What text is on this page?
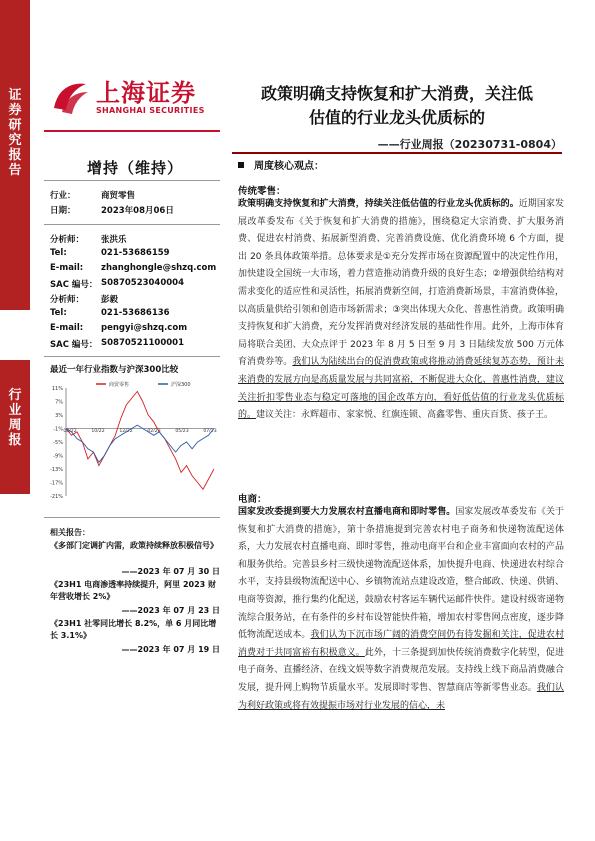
证券研究报告
行业周报
上海证券
SHANGHAI SECURITIES
政策明确支持恢复和扩大消费，关注低
估值的行业龙头优质标的
——行业周报（20230731-0804）
增持（维持）
行业：	商贸零售
日期：	2023年08月06日
分析师： 张洪乐
Tel:	021-53686159
E-mail: zhanghongle@shzq.com
SAC 编号： S0870523040004
分析师： 彭毅
Tel:	021-53686136
E-mail: pengyi@shzq.com
SAC 编号： S0870521100001
最近一年行业指数与沪深300比较
11%
7%
3%
-1%
-5%
-9%
-13%
-17%
-21%
08/22	10/22	12/22	02/23	05/23	07/23
商贸零售	沪深300
相关报告：
《多部门定调扩内需，政策持续释放积极信号》
——2023 年 07 月 30 日
《23H1 电商渗透率持续提升，阿里 2023 财年营收增长 2%》
——2023 年 07 月 23 日
《23H1 社零同比增长 8.2%，单 6 月同比增长 3.1%》
——2023 年 07 月 19 日
周度核心观点：
传统零售：
政策明确支持恢复和扩大消费，持续关注低估值的行业龙头优质标的。近期国家发展改革委发布《关于恢复和扩大消费的措施》，围绕稳定大宗消费、扩大服务消费、促进农村消费、拓展新型消费、完善消费设施、优化消费环境 6 个方面，提出 20 条具体政策举措。总体要求是①充分发挥市场在资源配置中的决定性作用，加快建设全国统一大市场，着力营造推动消费升级的良好生态；②增强供给结构对需求变化的适应性和灵活性，拓展消费新空间，打造消费新场景，丰富消费体验，以高质量供给引领和创造市场新需求；③突出体现大众化、普惠性消费。政策明确支持恢复和扩大消费，充分发挥消费对经济发展的基础性作用。此外，上海市体育局将联合美团、大众点评于 2023 年 8 月 5 日至 9 月 3 日陆续发放 500 万元体育消费券等。我们认为陆续出台的促消费政策或将推动消费延续复苏态势，预计未来消费的发展方向是高质量发展与共同富裕，不断促进大众化、普惠性消费，建议关注折扣零售业态与稳定可落地的国企改革方向，看好低估值的行业龙头优质标的。建议关注：永辉超市、家家悦、红旗连锁、高鑫零售、重庆百货、孩子王。
电商：
国家发改委提到要大力发展农村直播电商和即时零售。国家发展改革委发布《关于恢复和扩大消费的措施》，第十条措施提到完善农村电子商务和快递物流配送体系，大力发展农村直播电商、即时零售，推动电商平台和企业丰富面向农村的产品和服务供给。完善县乡村三级快递物流配送体系，加快提升电商、快递进农村综合水平，支持县级物流配送中心、乡镇物流站点建设改造，整合邮政、快递、供销、电商等资源，推行集约化配送，鼓励农村客运车辆代运邮件快件。建设村级寄递物流综合服务站，在有条件的乡村布设智能快件箱，增加农村零售网点密度，逐步降低物流配送成本。我们认为下沉市场广阔的消费空间仍有待发掘和关注，促进农村消费对于共同富裕有积极意义。此外，十三条提到加快传统消费数字化转型，促进电子商务、直播经济、在线文娱等数字消费规范发展。支持线上线下商品消费融合发展，提升网上购物节质量水平。发展即时零售、智慧商店等新零售业态。我们认为利好政策或将有效提振市场对行业发展的信心，未
